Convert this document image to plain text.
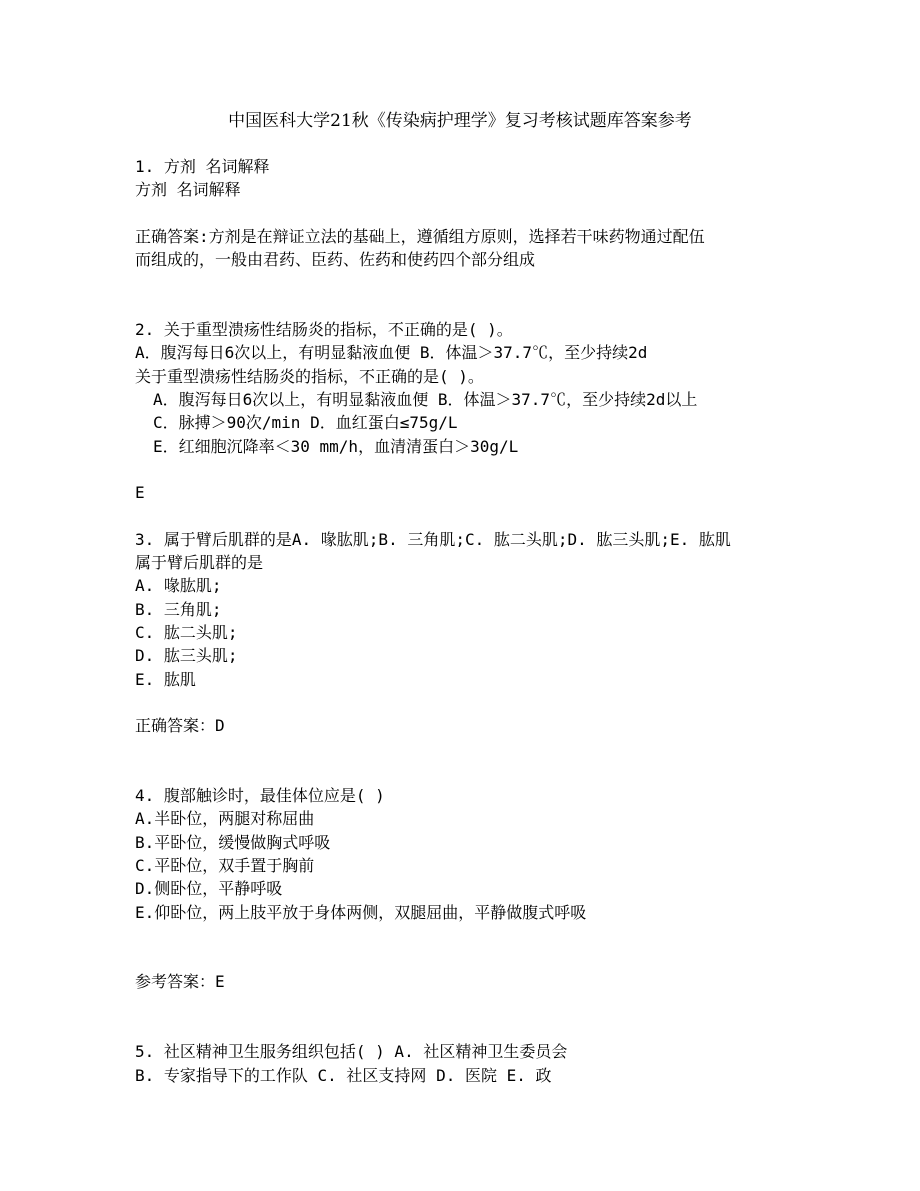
中国医科大学21秋《传染病护理学》复习考核试题库答案参考
1. 方剂 名词解释
方剂 名词解释
正确答案:方剂是在辩证立法的基础上，遵循组方原则，选择若干味药物通过配伍
而组成的，一般由君药、臣药、佐药和使药四个部分组成
2. 关于重型溃疡性结肠炎的指标，不正确的是( )。
A．腹泻每日6次以上，有明显黏液血便 B．体温＞37.7℃，至少持续2d
关于重型溃疡性结肠炎的指标，不正确的是( )。
A．腹泻每日6次以上，有明显黏液血便 B．体温＞37.7℃，至少持续2d以上
C．脉搏＞90次/min D．血红蛋白≤75g/L
E．红细胞沉降率＜30 mm/h，血清清蛋白＞30g/L
E
3. 属于臂后肌群的是A. 喙肱肌;B. 三角肌;C. 肱二头肌;D. 肱三头肌;E. 肱肌
属于臂后肌群的是
A. 喙肱肌;
B. 三角肌;
C. 肱二头肌;
D. 肱三头肌;
E. 肱肌
正确答案：D
4. 腹部触诊时，最佳体位应是( )
A.半卧位，两腿对称屈曲
B.平卧位，缓慢做胸式呼吸
C.平卧位，双手置于胸前
D.侧卧位，平静呼吸
E.仰卧位，两上肢平放于身体两侧，双腿屈曲，平静做腹式呼吸
参考答案：E
5. 社区精神卫生服务组织包括( ) A. 社区精神卫生委员会
B. 专家指导下的工作队 C. 社区支持网 D. 医院 E. 政
